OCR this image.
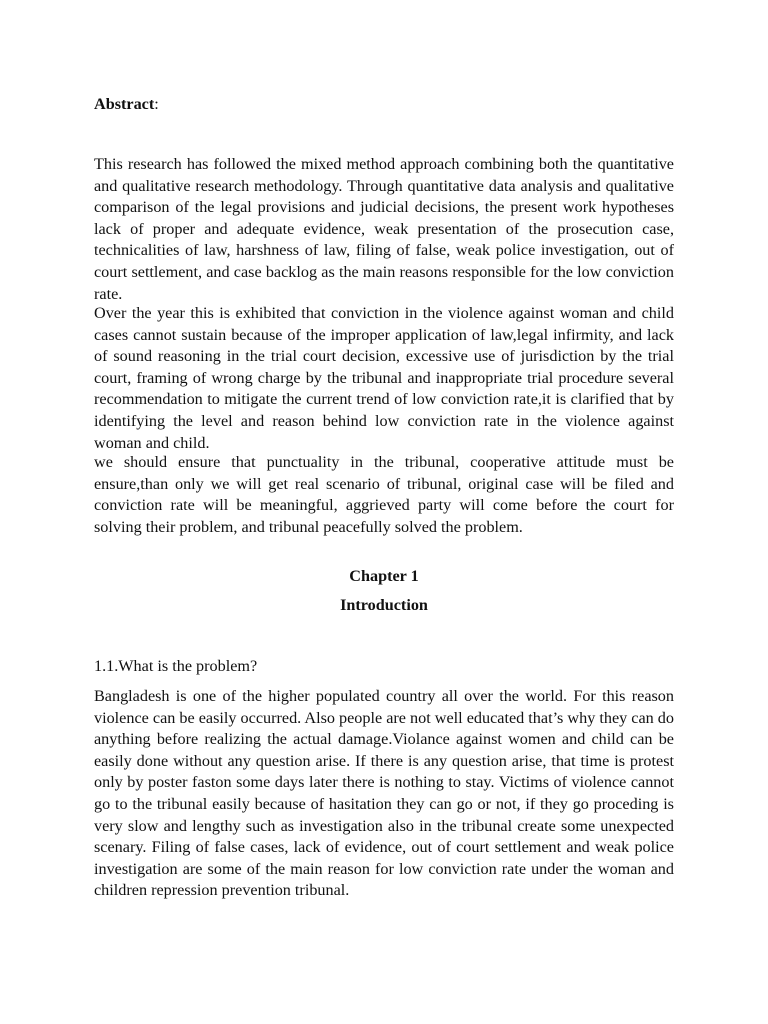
Abstract:

This research has followed the mixed method approach combining both the quantitative and qualitative research methodology. Through quantitative data analysis and qualitative comparison of the legal provisions and judicial decisions, the present work hypotheses lack of proper and adequate evidence, weak presentation of the prosecution case, technicalities of law, harshness of law, filing of false, weak police investigation, out of court settlement, and case backlog as the main reasons responsible for the low conviction rate.

Over the year this is exhibited that conviction in the violence against woman and child cases cannot sustain because of the improper application of law,legal infirmity, and lack of sound reasoning in the trial court decision, excessive use of jurisdiction by the trial court, framing of wrong charge by the tribunal and inappropriate trial procedure several recommendation to mitigate the current trend of low conviction rate,it is clarified that by identifying the level and reason behind low conviction rate in the violence against woman and child.

we should ensure that punctuality in the tribunal, cooperative attitude must be ensure,than only we will get real scenario of tribunal, original case will be filed and conviction rate will be meaningful, aggrieved party will come before the court for solving their problem, and tribunal peacefully solved the problem.

Chapter 1

Introduction

1.1.What is the problem?

Bangladesh is one of the higher populated country all over the world. For this reason violence can be easily occurred. Also people are not well educated that’s why they can do anything before realizing the actual damage.Violance against women and child can be easily done without any question arise. If there is any question arise, that time is protest only by poster faston some days later there is nothing to stay. Victims of violence cannot go to the tribunal easily because of hasitation they can go or not, if they go proceding is very slow and lengthy such as investigation also in the tribunal create some unexpected scenary. Filing of false cases, lack of evidence, out of court settlement and weak police investigation are some of the main reason for low conviction rate under the woman and children repression prevention tribunal.
